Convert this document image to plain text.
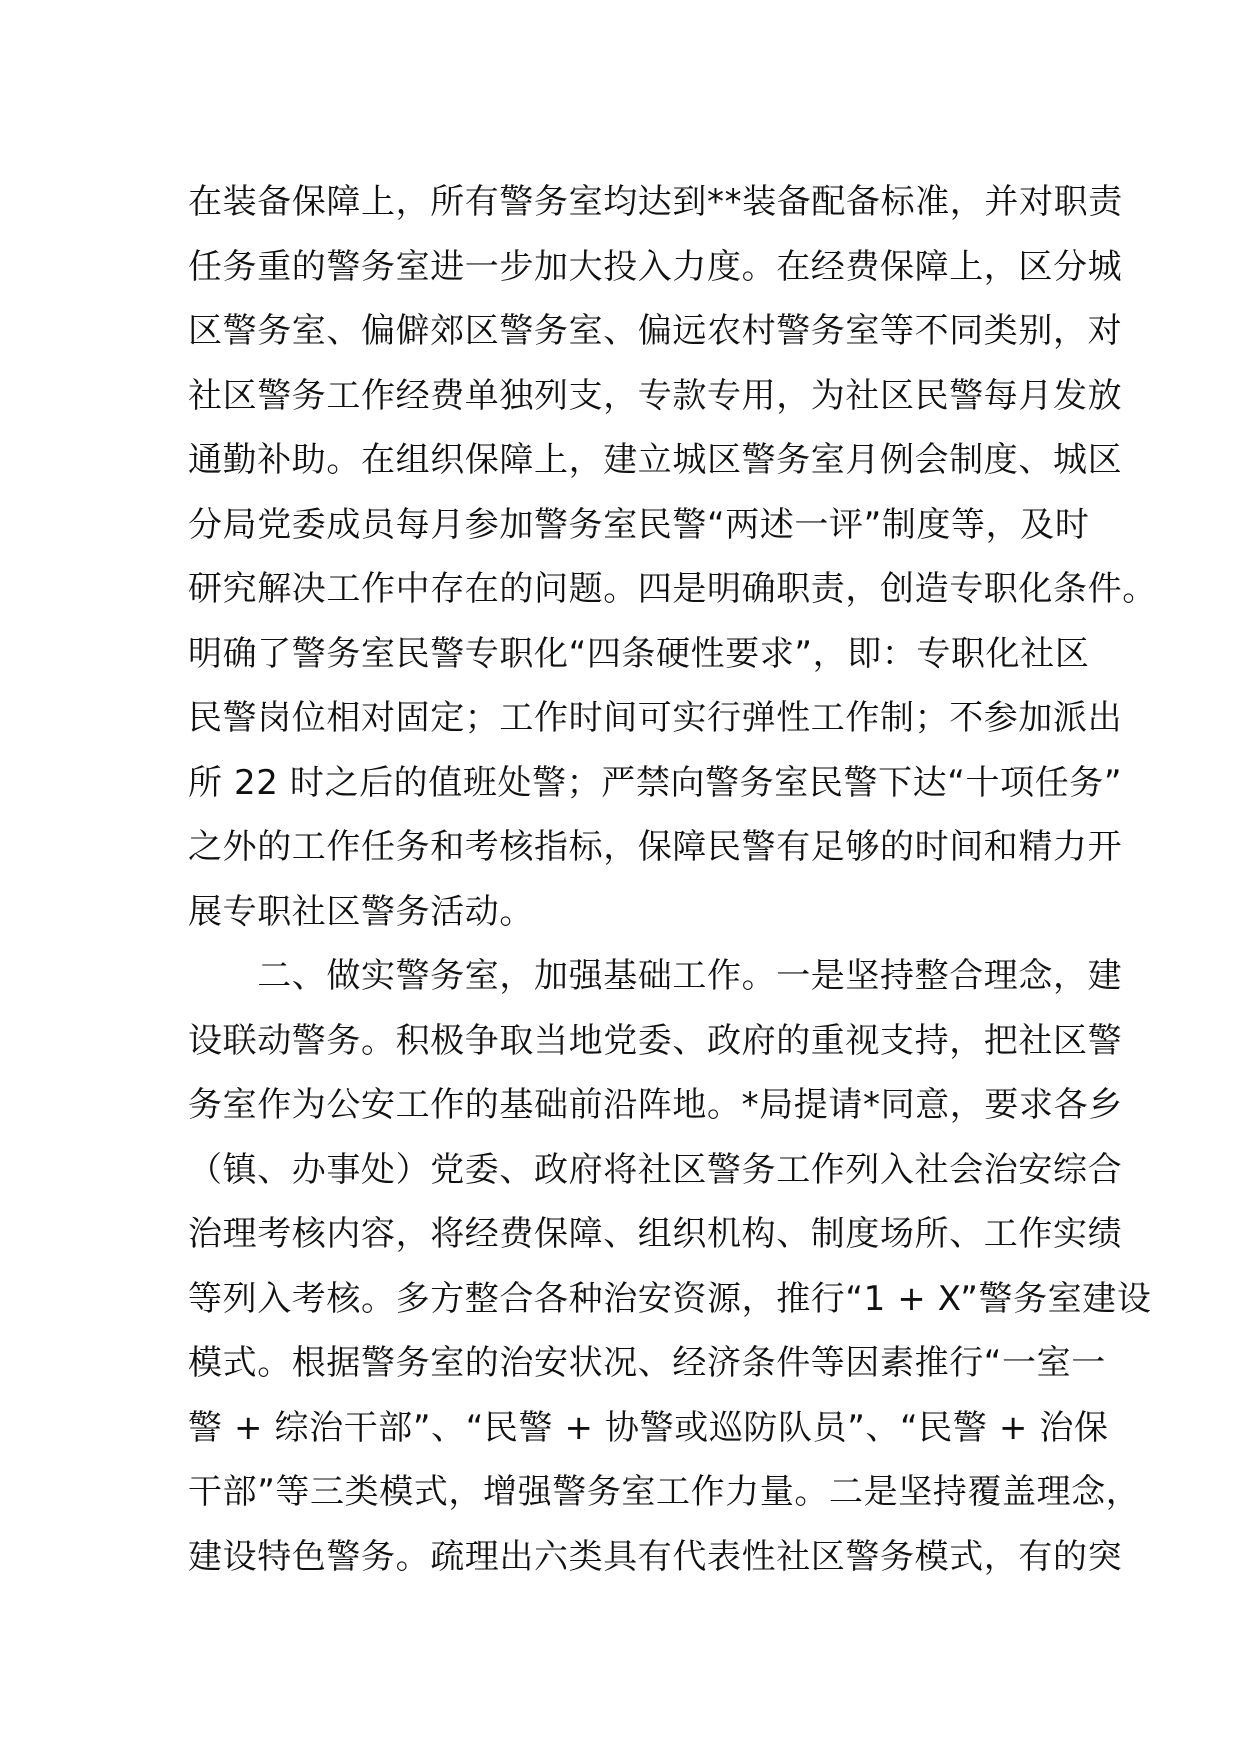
在装备保障上，所有警务室均达到**装备配备标准，并对职责
任务重的警务室进一步加大投入力度。在经费保障上，区分城
区警务室、偏僻郊区警务室、偏远农村警务室等不同类别，对
社区警务工作经费单独列支，专款专用，为社区民警每月发放
通勤补助。在组织保障上，建立城区警务室月例会制度、城区
分局党委成员每月参加警务室民警“两述一评”制度等，及时
研究解决工作中存在的问题。四是明确职责，创造专职化条件。
明确了警务室民警专职化“四条硬性要求”，即：专职化社区
民警岗位相对固定；工作时间可实行弹性工作制；不参加派出
所 22 时之后的值班处警；严禁向警务室民警下达“十项任务”
之外的工作任务和考核指标，保障民警有足够的时间和精力开
展专职社区警务活动。
　　二、做实警务室，加强基础工作。一是坚持整合理念，建
设联动警务。积极争取当地党委、政府的重视支持，把社区警
务室作为公安工作的基础前沿阵地。*局提请*同意，要求各乡
（镇、办事处）党委、政府将社区警务工作列入社会治安综合
治理考核内容，将经费保障、组织机构、制度场所、工作实绩
等列入考核。多方整合各种治安资源，推行“1 + X”警务室建设
模式。根据警务室的治安状况、经济条件等因素推行“一室一
警 + 综治干部”、“民警 + 协警或巡防队员”、“民警 + 治保
干部”等三类模式，增强警务室工作力量。二是坚持覆盖理念，
建设特色警务。疏理出六类具有代表性社区警务模式，有的突
